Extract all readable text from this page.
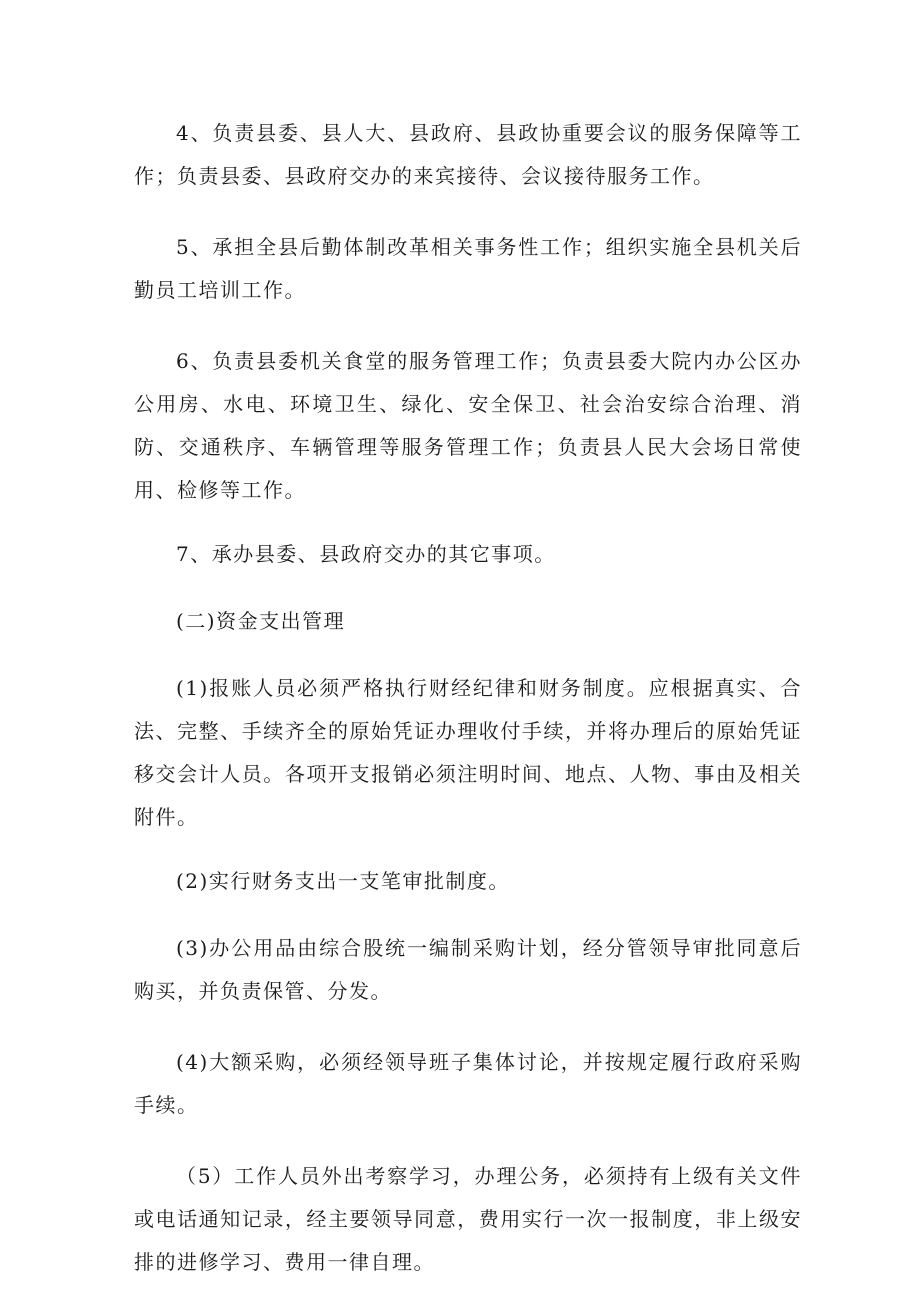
4、负责县委、县人大、县政府、县政协重要会议的服务保障等工作；负责县委、县政府交办的来宾接待、会议接待服务工作。

5、承担全县后勤体制改革相关事务性工作；组织实施全县机关后勤员工培训工作。

6、负责县委机关食堂的服务管理工作；负责县委大院内办公区办公用房、水电、环境卫生、绿化、安全保卫、社会治安综合治理、消防、交通秩序、车辆管理等服务管理工作；负责县人民大会场日常使用、检修等工作。

7、承办县委、县政府交办的其它事项。

(二)资金支出管理

(1)报账人员必须严格执行财经纪律和财务制度。应根据真实、合法、完整、手续齐全的原始凭证办理收付手续，并将办理后的原始凭证移交会计人员。各项开支报销必须注明时间、地点、人物、事由及相关附件。

(2)实行财务支出一支笔审批制度。

(3)办公用品由综合股统一编制采购计划，经分管领导审批同意后购买，并负责保管、分发。

(4)大额采购，必须经领导班子集体讨论，并按规定履行政府采购手续。

（5）工作人员外出考察学习，办理公务，必须持有上级有关文件或电话通知记录，经主要领导同意，费用实行一次一报制度，非上级安排的进修学习、费用一律自理。
